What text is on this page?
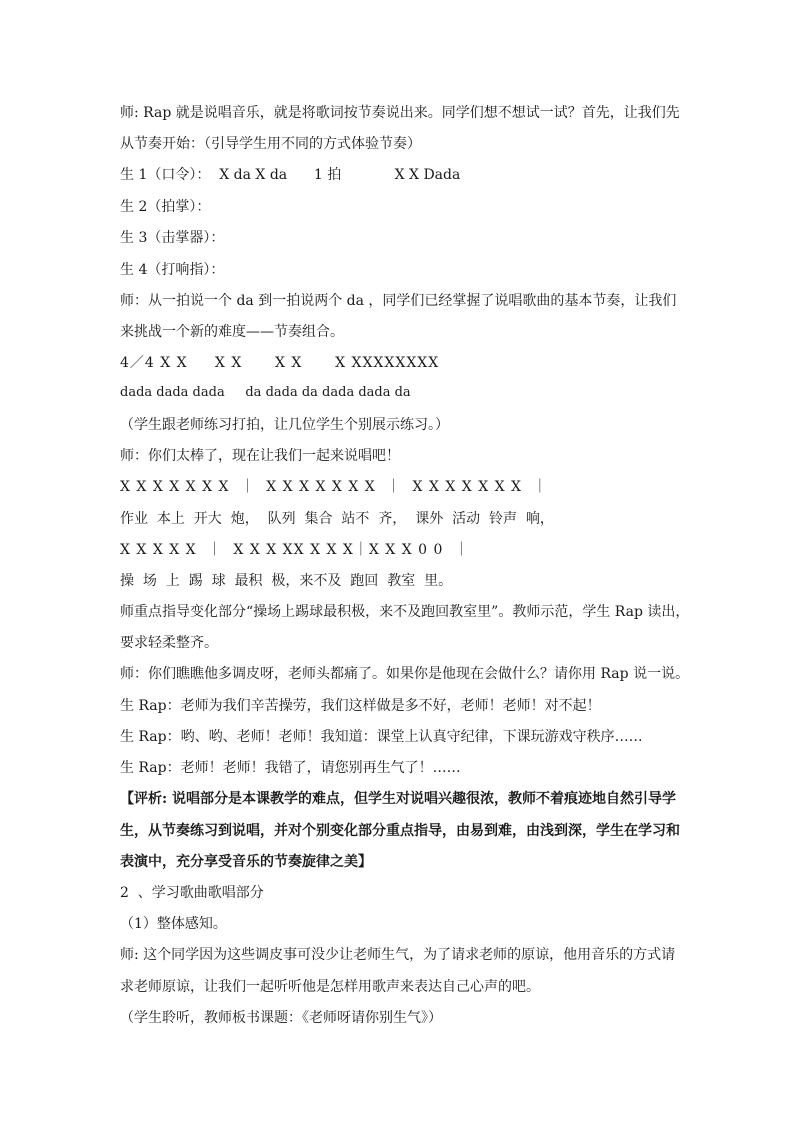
师: Rap 就是说唱音乐，就是将歌词按节奏说出来。同学们想不想试一试？首先，让我们先
从节奏开始：（引导学生用不同的方式体验节奏）
生 1（口令）：  X da X da      1 拍            X X Dada
生 2（拍掌）：
生 3（击掌器）：
生 4（打响指）：
师：从一拍说一个 da 到一拍说两个 da ，同学们已经掌握了说唱歌曲的基本节奏，让我们
来挑战一个新的难度——节奏组合。
4／4 X X     X X      X X      X XXXXXXXX
dada dada dada     da dada da dada dada da
（学生跟老师练习打拍，让几位学生个别展示练习。）
师：你们太棒了，现在让我们一起来说唱吧！
X X X X X X X  ｜  X X X X X X X  ｜  X X X X X X X  ｜
作业  本上  开大  炮，  队列  集合  站不  齐，  课外  活动  铃声  响，
X X X X X  ｜  X X X XX X X X｜X X X 0 0  ｜
操  场  上  踢  球  最积  极，来不及  跑回  教室  里。
师重点指导变化部分“操场上踢球最积极，来不及跑回教室里”。教师示范，学生 Rap 读出，
要求轻柔整齐。
师：你们瞧瞧他多调皮呀，老师头都痛了。如果你是他现在会做什么？请你用 Rap 说一说。
生 Rap：老师为我们辛苦操劳，我们这样做是多不好，老师！老师！对不起！
生 Rap：哟、哟、老师！老师！我知道：课堂上认真守纪律，下课玩游戏守秩序……
生 Rap：老师！老师！我错了，请您别再生气了！……
【评析: 说唱部分是本课教学的难点，但学生对说唱兴趣很浓，教师不着痕迹地自然引导学
生，从节奏练习到说唱，并对个别变化部分重点指导，由易到难，由浅到深，学生在学习和
表演中，充分享受音乐的节奏旋律之美】
2  、学习歌曲歌唱部分
（1）整体感知。
师: 这个同学因为这些调皮事可没少让老师生气，为了请求老师的原谅，他用音乐的方式请
求老师原谅，让我们一起听听他是怎样用歌声来表达自己心声的吧。
（学生聆听，教师板书课题：《老师呀请你别生气》）
